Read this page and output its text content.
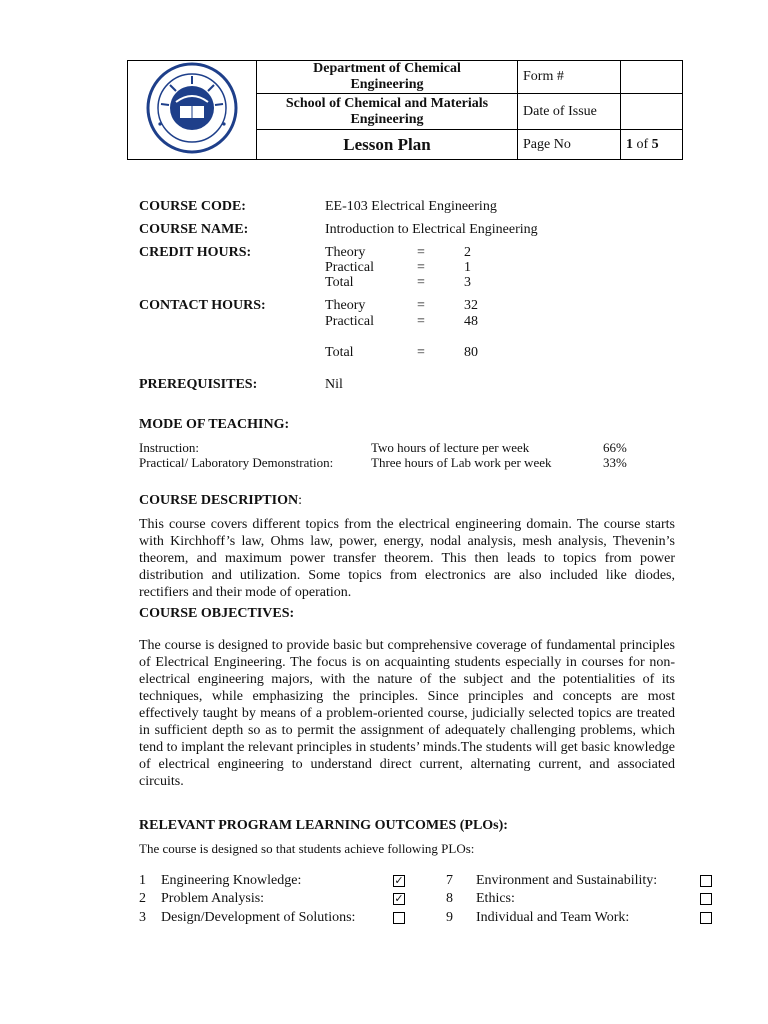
Department of Chemical
Engineering	Form #	

	School of Chemical and Materials
Engineering	Date of Issue	
	Lesson Plan	Page No	1 of 5
COURSE CODE:	EE-103 Electrical Engineering
COURSE NAME:	Introduction to Electrical Engineering
CREDIT HOURS:	Theory	=	2
Practical	=	1
Total	=	3
CONTACT HOURS:	Theory	=	32
Practical	=	48
Total	=	80
PREREQUISITES:	Nil
MODE OF TEACHING:
Instruction:	Two hours of lecture per week	66%
Practical/ Laboratory Demonstration:	Three hours of Lab work per week	33%
COURSE DESCRIPTION:
This course covers different topics from the electrical engineering domain. The course starts with Kirchhoff’s law, Ohms law, power, energy, nodal analysis, mesh analysis, Thevenin’s theorem, and maximum power transfer theorem. This then leads to topics from power distribution and utilization. Some topics from electronics are also included like diodes, rectifiers and their mode of operation.
COURSE OBJECTIVES:
The course is designed to provide basic but comprehensive coverage of fundamental principles of Electrical Engineering. The focus is on acquainting students especially in courses for non-electrical engineering majors, with the nature of the subject and the potentialities of its techniques, while emphasizing the principles. Since principles and concepts are most effectively taught by means of a problem-oriented course, judicially selected topics are treated in sufficient depth so as to permit the assignment of adequately challenging problems, which tend to implant the relevant principles in students’ minds.The students will get basic knowledge of electrical engineering to understand direct current, alternating current, and associated circuits.
RELEVANT PROGRAM LEARNING OUTCOMES (PLOs):
The course is designed so that students achieve following PLOs:
1 Engineering Knowledge:	✓
2 Problem Analysis:	✓
3 Design/Development of Solutions:
7 Environment and Sustainability:
8 Ethics:
9 Individual and Team Work:
